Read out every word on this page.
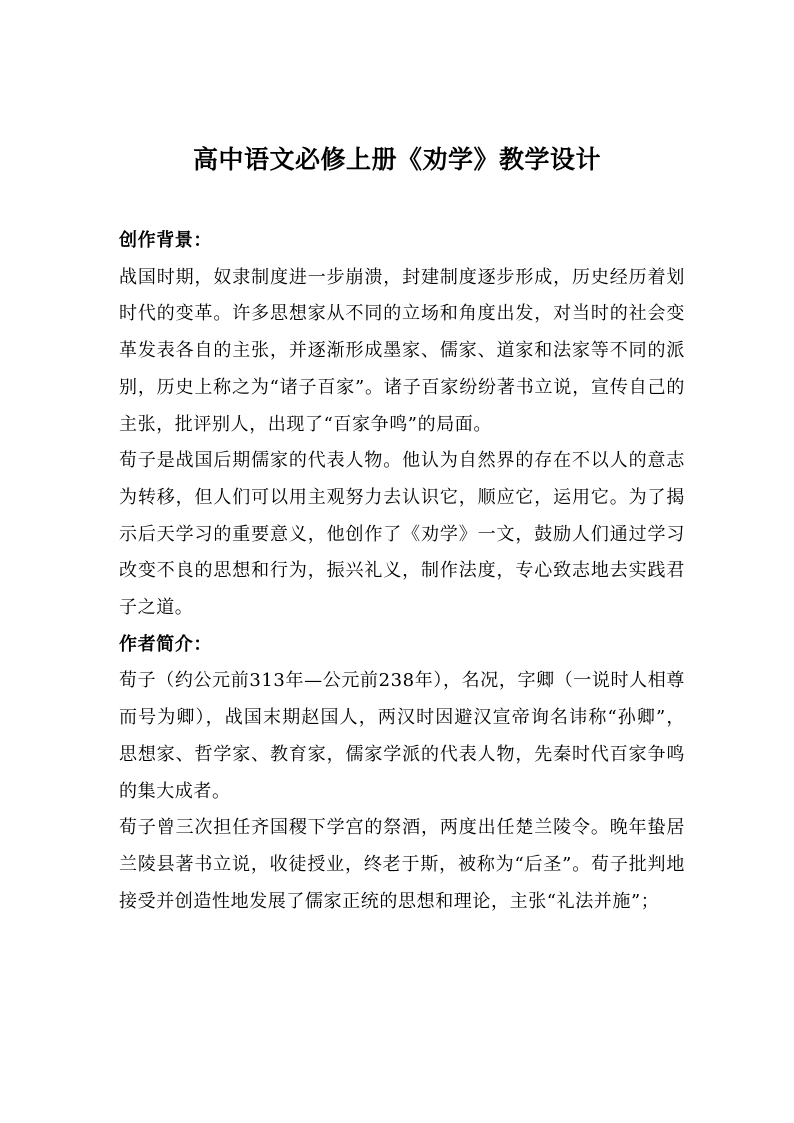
高中语文必修上册《劝学》教学设计

创作背景：

战国时期，奴隶制度进一步崩溃，封建制度逐步形成，历史经历着划时代的变革。许多思想家从不同的立场和角度出发，对当时的社会变革发表各自的主张，并逐渐形成墨家、儒家、道家和法家等不同的派别，历史上称之为“诸子百家”。诸子百家纷纷著书立说，宣传自己的主张，批评别人，出现了“百家争鸣”的局面。

荀子是战国后期儒家的代表人物。他认为自然界的存在不以人的意志为转移，但人们可以用主观努力去认识它，顺应它，运用它。为了揭示后天学习的重要意义，他创作了《劝学》一文，鼓励人们通过学习改变不良的思想和行为，振兴礼义，制作法度，专心致志地去实践君子之道。

作者简介：

荀子（约公元前313年—公元前238年），名况，字卿（一说时人相尊而号为卿），战国末期赵国人，两汉时因避汉宣帝询名讳称“孙卿”，思想家、哲学家、教育家，儒家学派的代表人物，先秦时代百家争鸣的集大成者。

荀子曾三次担任齐国稷下学宫的祭酒，两度出任楚兰陵令。晚年蛰居兰陵县著书立说，收徒授业，终老于斯，被称为“后圣”。荀子批判地接受并创造性地发展了儒家正统的思想和理论，主张“礼法并施”；
